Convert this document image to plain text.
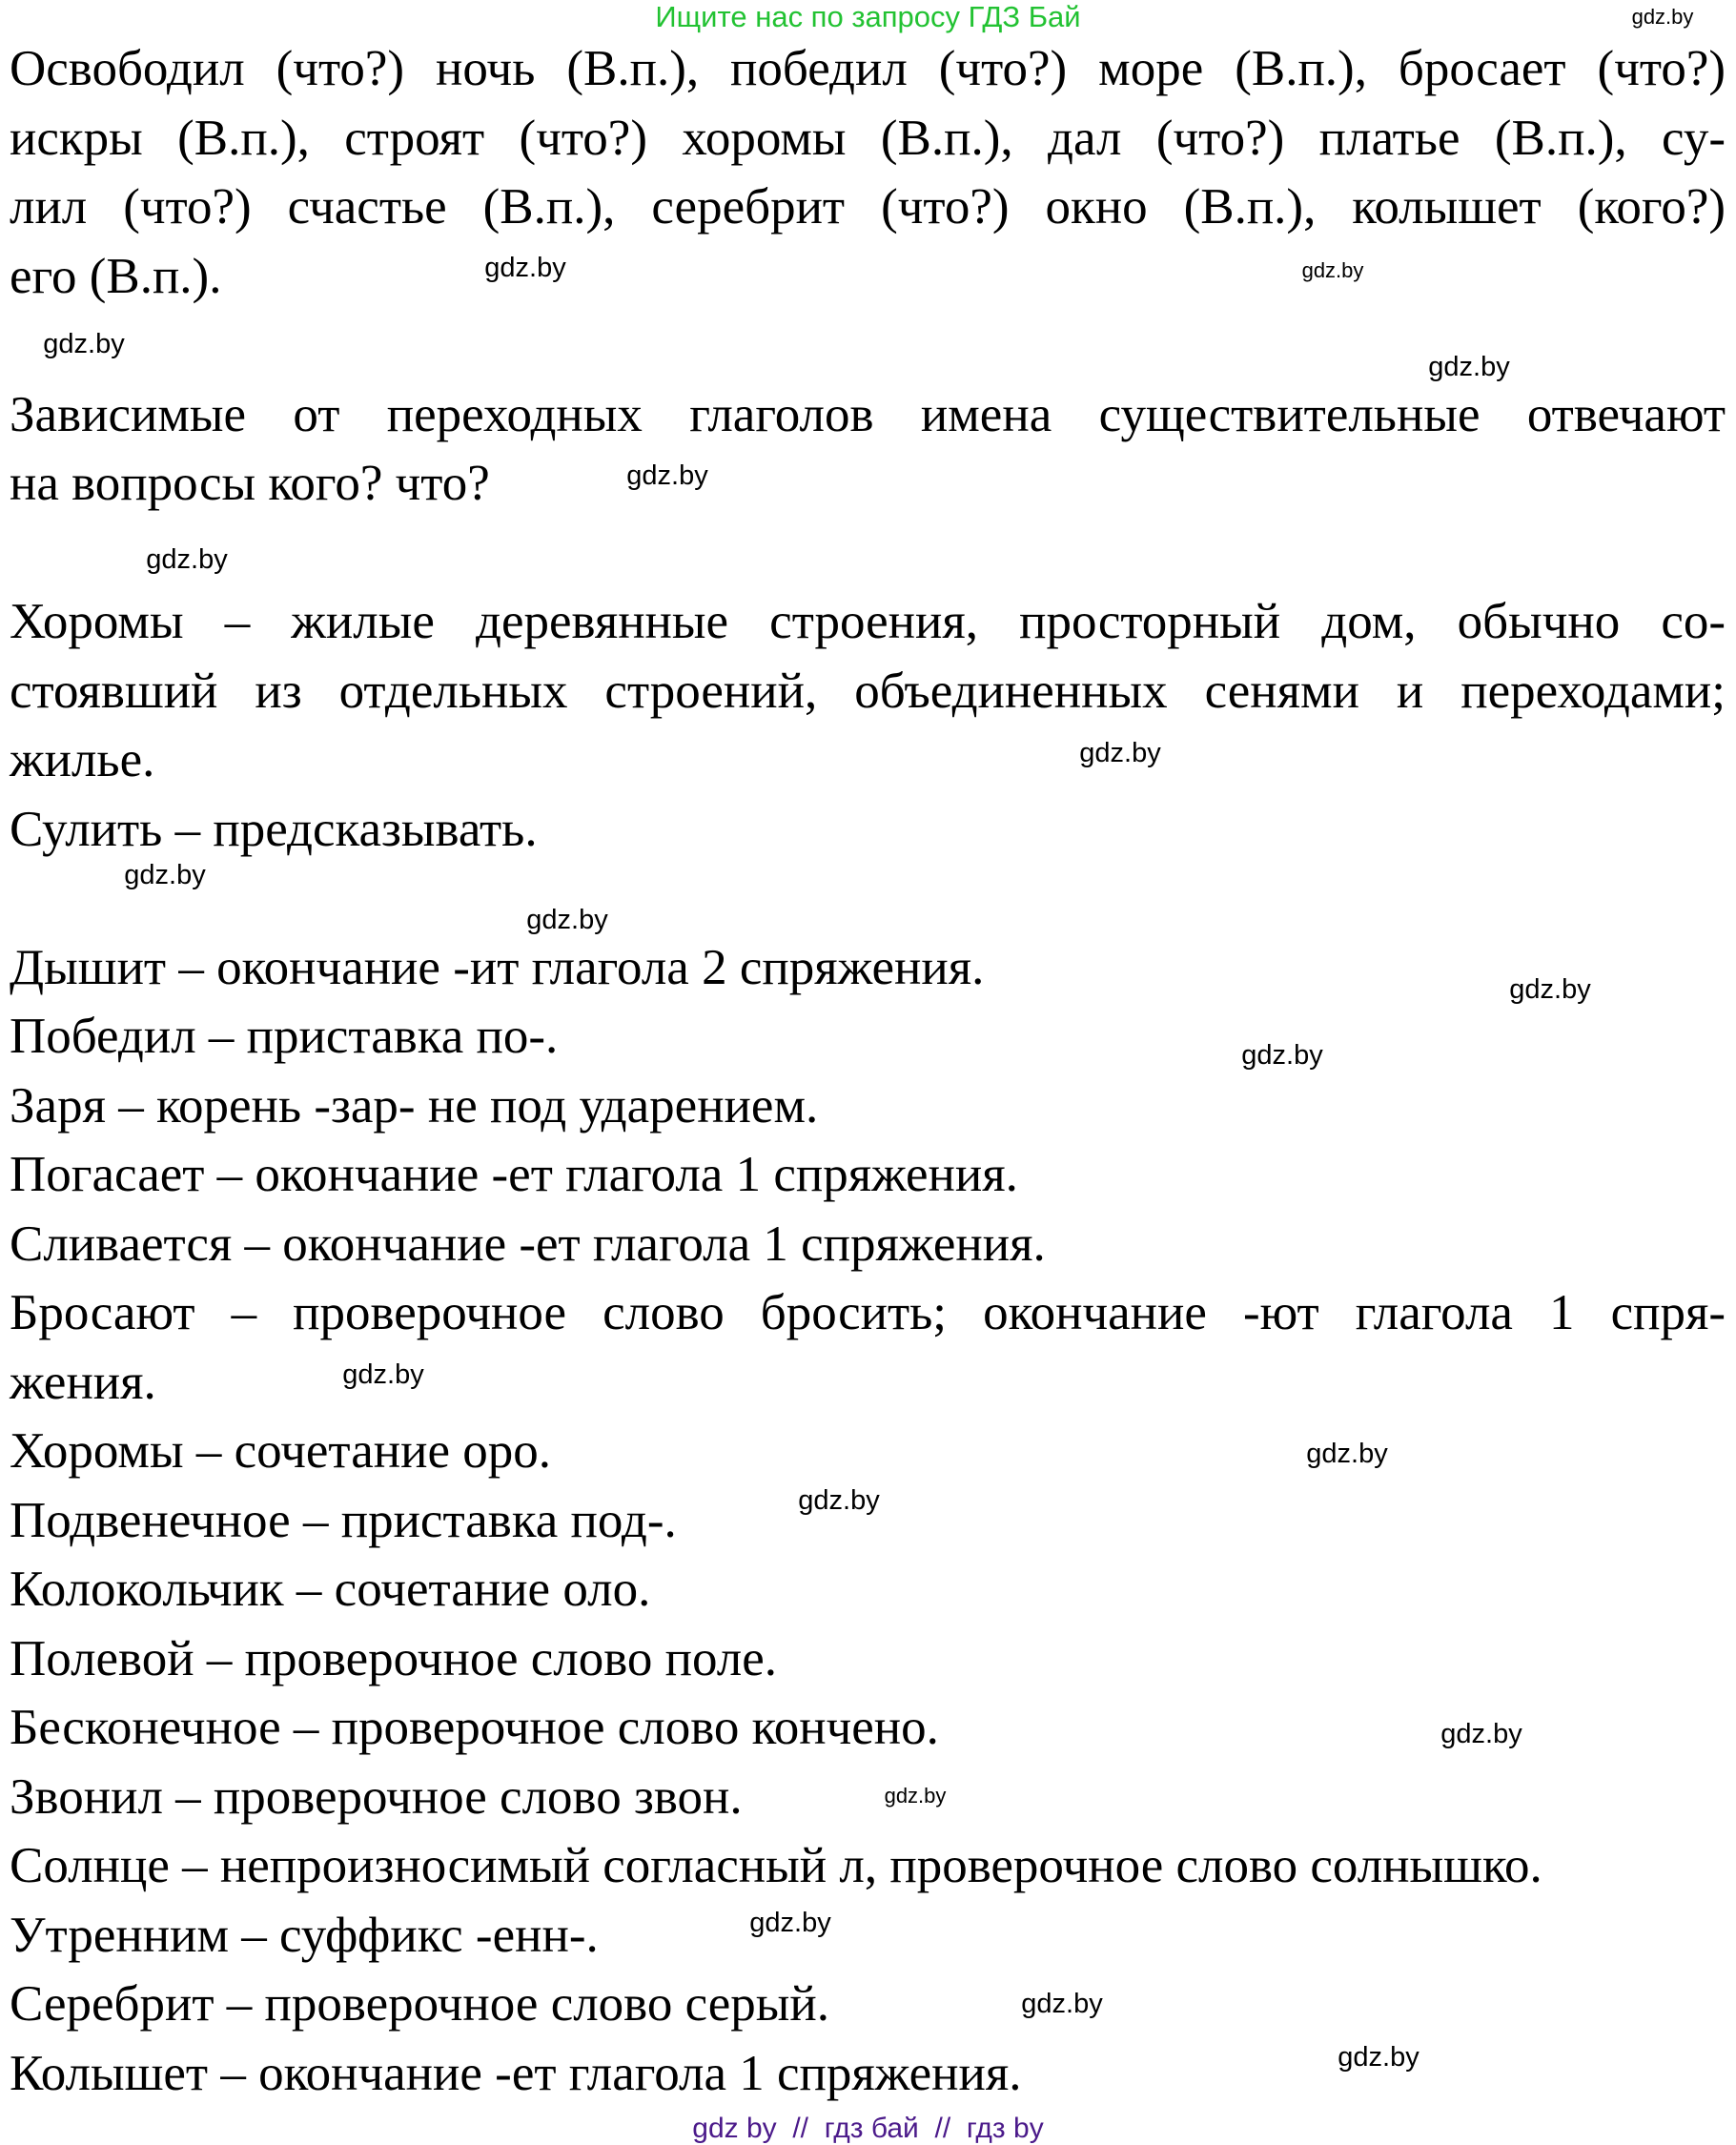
Ищите нас по запросу ГДЗ Бай
Освободил (что?) ночь (В.п.), победил (что?) море (В.п.), бросает (что?)
искры (В.п.), строят (что?) хоромы (В.п.), дал (что?) платье (В.п.), су-
лил (что?) счастье (В.п.), серебрит (что?) окно (В.п.), колышет (кого?)
его (В.п.).
Зависимые от переходных глаголов имена существительные отвечают
на вопросы кого? что?
Хоромы – жилые деревянные строения, просторный дом, обычно со-
стоявший из отдельных строений, объединенных сенями и переходами;
жилье.
Сулить – предсказывать.
Дышит – окончание -ит глагола 2 спряжения.
Победил – приставка по-.
Заря – корень -зар- не под ударением.
Погасает – окончание -ет глагола 1 спряжения.
Сливается – окончание -ет глагола 1 спряжения.
Бросают – проверочное слово бросить; окончание -ют глагола 1 спря-
жения.
Хоромы – сочетание оро.
Подвенечное – приставка под-.
Колокольчик – сочетание оло.
Полевой – проверочное слово поле.
Бесконечное – проверочное слово кончено.
Звонил – проверочное слово звон.
Солнце – непроизносимый согласный л, проверочное слово солнышко.
Утренним – суффикс -енн-.
Серебрит – проверочное слово серый.
Колышет – окончание -ет глагола 1 спряжения.
gdz.by
gdz.by
gdz.by
gdz.by
gdz.by
gdz.by
gdz.by
gdz.by
gdz.by
gdz.by
gdz.by
gdz.by
gdz.by
gdz.by
gdz.by
gdz.by
gdz.by
gdz.by
gdz.by
gdz.by
gdz by  //  гдз бай  //  гдз by
